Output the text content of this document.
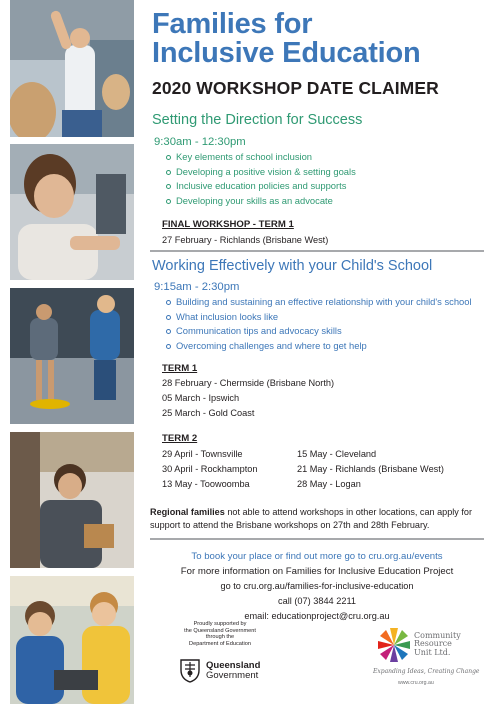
Families for
Inclusive Education
2020 WORKSHOP DATE CLAIMER
Setting the Direction for Success
9:30am - 12:30pm
Key elements of school inclusion
Developing a positive vision & setting goals
Inclusive education policies and supports
Developing your skills as an advocate
FINAL WORKSHOP - TERM 1
27 February - Richlands (Brisbane West)
Working Effectively with your Child's School
9:15am - 2:30pm
Building and sustaining an effective relationship with your child's school
What inclusion looks like
Communication tips and advocacy skills
Overcoming challenges and where to get help
TERM 1
28 February - Chermside (Brisbane North)
05 March - Ipswich
25 March - Gold Coast
TERM 2
29 April - Townsville
30 April - Rockhampton
13 May - Toowoomba
15 May - Cleveland
21 May - Richlands (Brisbane West)
28 May - Logan
Regional families not able to attend workshops in other locations, can apply for support to attend the Brisbane workshops on 27th and 28th February.
To book your place or find out more go to cru.org.au/events
For more information on Families for Inclusive Education Project
go to cru.org.au/families-for-inclusive-education
call (07) 3844 2211
email: educationproject@cru.org.au
Proudly supported by
the Queensland Government
through the
Department of Education
Queensland
Government
Community
Resource
Unit Ltd.
Expanding Ideas, Creating Change
www.cru.org.au
